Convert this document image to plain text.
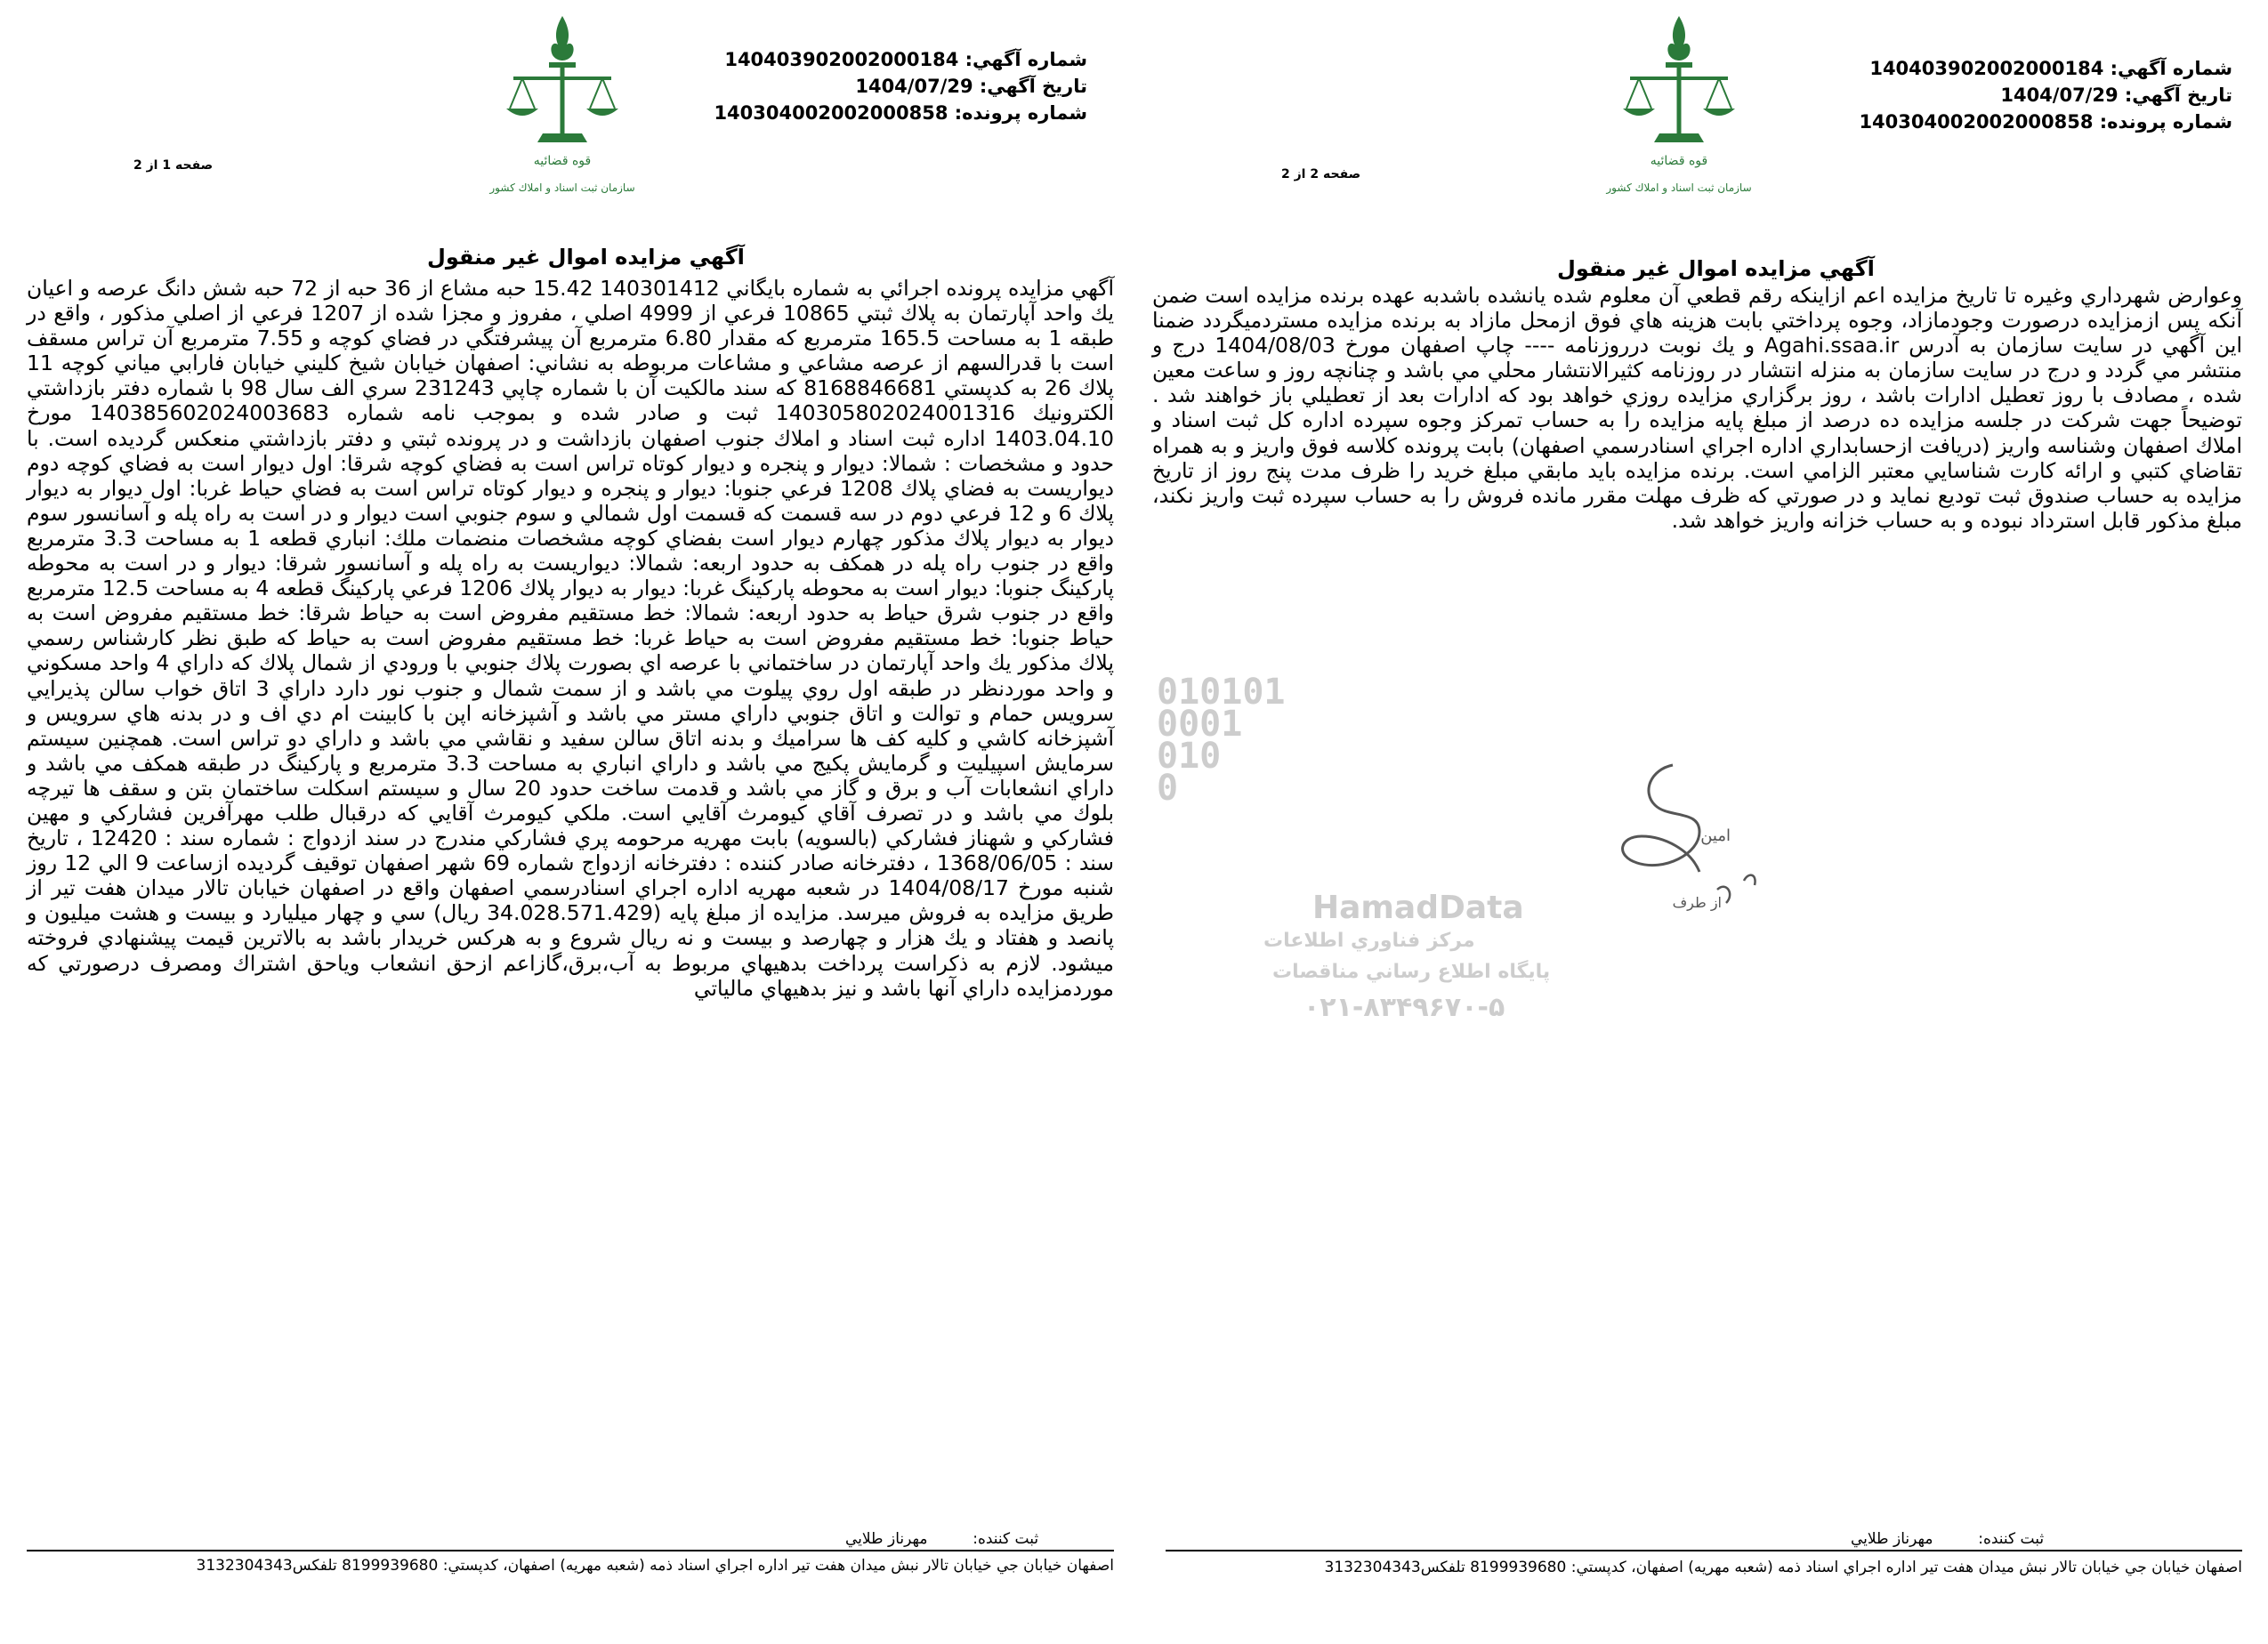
قوه قضائيه
سازمان ثبت اسناد و املاك كشور
شماره آگهي: 140403902002000184
تاريخ آگهي: 1404/07/29
شماره پرونده: 140304002002000858
صفحه 1 از 2
آگهي مزايده اموال غير منقول

آگهي مزايده پرونده اجرائي به شماره بايگاني 140301412 15.42 حبه مشاع از 36 حبه از 72 حبه شش دانگ عرصه و اعيان يك واحد آپارتمان به پلاك ثبتي 10865 فرعي از 4999 اصلي ، مفروز و مجزا شده از 1207 فرعي از اصلي مذكور ، واقع در طبقه 1 به مساحت 165.5 مترمربع كه مقدار 6.80 مترمربع آن پيشرفتگي در فضاي كوچه و 7.55 مترمربع آن تراس مسقف است با قدرالسهم از عرصه مشاعي و مشاعات مربوطه به نشاني: اصفهان خيابان شيخ كليني خيابان فارابي مياني كوچه 11 پلاك 26 به كدپستي 8168846681 كه سند مالكيت آن با شماره چاپي 231243 سري الف سال 98 با شماره دفتر بازداشتي الكترونيك 140305802024001316 ثبت و صادر شده و بموجب نامه شماره 140385602024003683 مورخ 1403.04.10 اداره ثبت اسناد و املاك جنوب اصفهان بازداشت و در پرونده ثبتي و دفتر بازداشتي منعكس گرديده است. با حدود و مشخصات : شمالا: ديوار و پنجره و ديوار كوتاه تراس است به فضاي كوچه شرقا: اول ديوار است به فضاي كوچه دوم ديواريست به فضاي پلاك 1208 فرعي جنوبا: ديوار و پنجره و ديوار كوتاه تراس است به فضاي حياط غربا: اول ديوار به ديوار پلاك 6 و 12 فرعي دوم در سه قسمت كه قسمت اول شمالي و سوم جنوبي است ديوار و در است به راه پله و آسانسور سوم ديوار به ديوار پلاك مذكور چهارم ديوار است بفضاي كوچه مشخصات منضمات ملك: انباري قطعه 1 به مساحت 3.3 مترمربع واقع در جنوب راه پله در همكف به حدود اربعه: شمالا: ديواريست به راه پله و آسانسور شرقا: ديوار و در است به محوطه پاركينگ جنوبا: ديوار است به محوطه پاركينگ غربا: ديوار به ديوار پلاك 1206 فرعي پاركينگ قطعه 4 به مساحت 12.5 مترمربع واقع در جنوب شرق حياط به حدود اربعه: شمالا: خط مستقيم مفروض است به حياط شرقا: خط مستقيم مفروض است به حياط جنوبا: خط مستقيم مفروض است به حياط غربا: خط مستقيم مفروض است به حياط كه طبق نظر كارشناس رسمي پلاك مذكور يك واحد آپارتمان در ساختماني با عرصه اي بصورت پلاك جنوبي با ورودي از شمال پلاك كه داراي 4 واحد مسكوني و واحد موردنظر در طبقه اول روي پيلوت مي باشد و از سمت شمال و جنوب نور دارد داراي 3 اتاق خواب سالن پذيرايي سرويس حمام و توالت و اتاق جنوبي داراي مستر مي باشد و آشپزخانه اپن با كابينت ام دي اف و در بدنه هاي سرويس و آشپزخانه كاشي و كليه كف ها سراميك و بدنه اتاق سالن سفيد و نقاشي مي باشد و داراي دو تراس است. همچنين سيستم سرمايش اسپيليت و گرمايش پكيج مي باشد و داراي انباري به مساحت 3.3 مترمربع و پاركينگ در طبقه همكف مي باشد و داراي انشعابات آب و برق و گاز مي باشد و قدمت ساخت حدود 20 سال و سيستم اسكلت ساختمان بتن و سقف ها تيرچه بلوك مي باشد و در تصرف آقاي كيومرث آقايي است. ملكي كيومرث آقايي كه درقبال طلب مهرآفرين فشاركي و مهين فشاركي و شهناز فشاركي (بالسويه) بابت مهريه مرحومه پري فشاركي مندرج در سند ازدواج : شماره سند : 12420 ، تاريخ سند : 1368/06/05 ، دفترخانه صادر كننده : دفترخانه ازدواج شماره 69 شهر اصفهان توقيف گرديده ازساعت 9 الي 12 روز شنبه مورخ 1404/08/17 در شعبه مهريه اداره اجراي اسنادرسمي اصفهان واقع در اصفهان خيابان تالار ميدان هفت تير از طريق مزايده به فروش ميرسد. مزايده از مبلغ پايه (34.028.571.429 ريال) سي و چهار ميليارد و بيست و هشت ميليون و پانصد و هفتاد و يك هزار و چهارصد و بيست و نه ريال شروع و به هركس خريدار باشد به بالاترين قيمت پيشنهادي فروخته ميشود. لازم به ذكراست پرداخت بدهيهاي مربوط به آب،برق،گازاعم ازحق انشعاب وياحق اشتراك ومصرف درصورتي كه موردمزايده داراي آنها باشد و نيز بدهيهاي مالياتي

ثبت كننده:  مهرناز طلايي
اصفهان خيابان جي خيابان تالار نبش ميدان هفت تير اداره اجراي اسناد ذمه (شعبه مهريه) اصفهان، كدپستي: 8199939680 تلفكس3132304343
010101
0001
010
0
قوه قضائيه
سازمان ثبت اسناد و املاك كشور
شماره آگهي: 140403902002000184
تاريخ آگهي: 1404/07/29
شماره پرونده: 140304002002000858
صفحه 2 از 2
آگهي مزايده اموال غير منقول

وعوارض شهرداري وغيره تا تاريخ مزايده اعم ازاينكه رقم قطعي آن معلوم شده يانشده باشدبه عهده برنده مزايده است ضمن آنكه پس ازمزايده درصورت وجودمازاد، وجوه پرداختي بابت هزينه هاي فوق ازمحل مازاد به برنده مزايده مستردميگردد ضمنا اين آگهي در سايت سازمان به آدرس Agahi.ssaa.ir و يك نوبت درروزنامه ---- چاپ اصفهان مورخ 1404/08/03 درج و منتشر مي گردد و درج در سايت سازمان به منزله انتشار در روزنامه كثيرالانتشار محلي مي باشد و چنانچه روز و ساعت معين شده ، مصادف با روز تعطيل ادارات باشد ، روز برگزاري مزايده روزي خواهد بود كه ادارات بعد از تعطيلي باز خواهند شد . توضيحاً جهت شركت در جلسه مزايده ده درصد از مبلغ پايه مزايده را به حساب تمركز وجوه سپرده اداره كل ثبت اسناد و املاك اصفهان وشناسه واريز (دريافت ازحسابداري اداره اجراي اسنادرسمي اصفهان) بابت پرونده كلاسه فوق واريز و به همراه تقاضاي كتبي و ارائه كارت شناسايي معتبر الزامي است. برنده مزايده بايد مابقي مبلغ خريد را ظرف مدت پنج روز از تاريخ مزايده به حساب صندوق ثبت توديع نمايد و در صورتي كه ظرف مهلت مقرر مانده فروش را به حساب سپرده ثبت واريز نكند، مبلغ مذكور قابل استرداد نبوده و به حساب خزانه واريز خواهد شد.

HamadData
مركز فناوري اطلاعات
پايگاه اطلاع رساني مناقصات
۰۲۱-۸۳۴۹۶۷۰-۵
امين
از طرف
ثبت كننده:  مهرناز طلايي
اصفهان خيابان جي خيابان تالار نبش ميدان هفت تير اداره اجراي اسناد ذمه (شعبه مهريه) اصفهان، كدپستي: 8199939680 تلفكس3132304343
